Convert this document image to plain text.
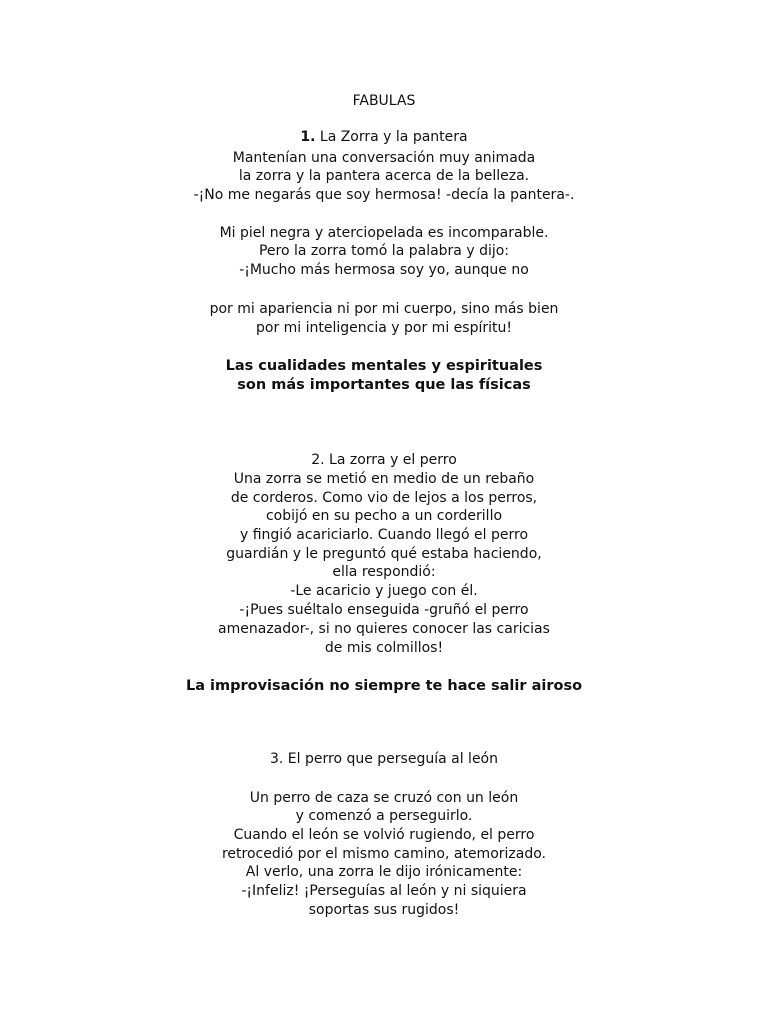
FABULAS
1. La Zorra y la pantera
Mantenían una conversación muy animada
la zorra y la pantera acerca de la belleza.
-¡No me negarás que soy hermosa! -decía la pantera-.
Mi piel negra y aterciopelada es incomparable.
Pero la zorra tomó la palabra y dijo:
-¡Mucho más hermosa soy yo, aunque no
por mi apariencia ni por mi cuerpo, sino más bien
por mi inteligencia y por mi espíritu!
Las cualidades mentales y espirituales
son más importantes que las físicas
2. La zorra y el perro
Una zorra se metió en medio de un rebaño
de corderos. Como vio de lejos a los perros,
cobijó en su pecho a un corderillo
y fingió acariciarlo. Cuando llegó el perro
guardián y le preguntó qué estaba haciendo,
ella respondió:
-Le acaricio y juego con él.
-¡Pues suéltalo enseguida -gruñó el perro
amenazador-, si no quieres conocer las caricias
de mis colmillos!
La improvisación no siempre te hace salir airoso
3. El perro que perseguía al león
Un perro de caza se cruzó con un león
y comenzó a perseguirlo.
Cuando el león se volvió rugiendo, el perro
retrocedió por el mismo camino, atemorizado.
Al verlo, una zorra le dijo irónicamente:
-¡Infeliz! ¡Perseguías al león y ni siquiera
soportas sus rugidos!
